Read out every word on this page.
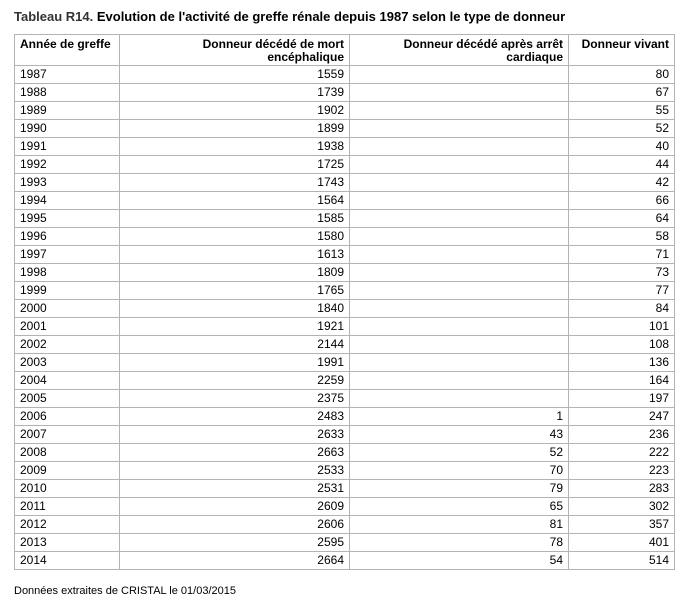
Tableau R14. Evolution de l'activité de greffe rénale depuis 1987 selon le type de donneur
Année de greffe	Donneur décédé de mort encéphalique	Donneur décédé après arrêt cardiaque	Donneur vivant
1987	1559		80
1988	1739		67
1989	1902		55
1990	1899		52
1991	1938		40
1992	1725		44
1993	1743		42
1994	1564		66
1995	1585		64
1996	1580		58
1997	1613		71
1998	1809		73
1999	1765		77
2000	1840		84
2001	1921		101
2002	2144		108
2003	1991		136
2004	2259		164
2005	2375		197
2006	2483	1	247
2007	2633	43	236
2008	2663	52	222
2009	2533	70	223
2010	2531	79	283
2011	2609	65	302
2012	2606	81	357
2013	2595	78	401
2014	2664	54	514
Données extraites de CRISTAL le 01/03/2015
